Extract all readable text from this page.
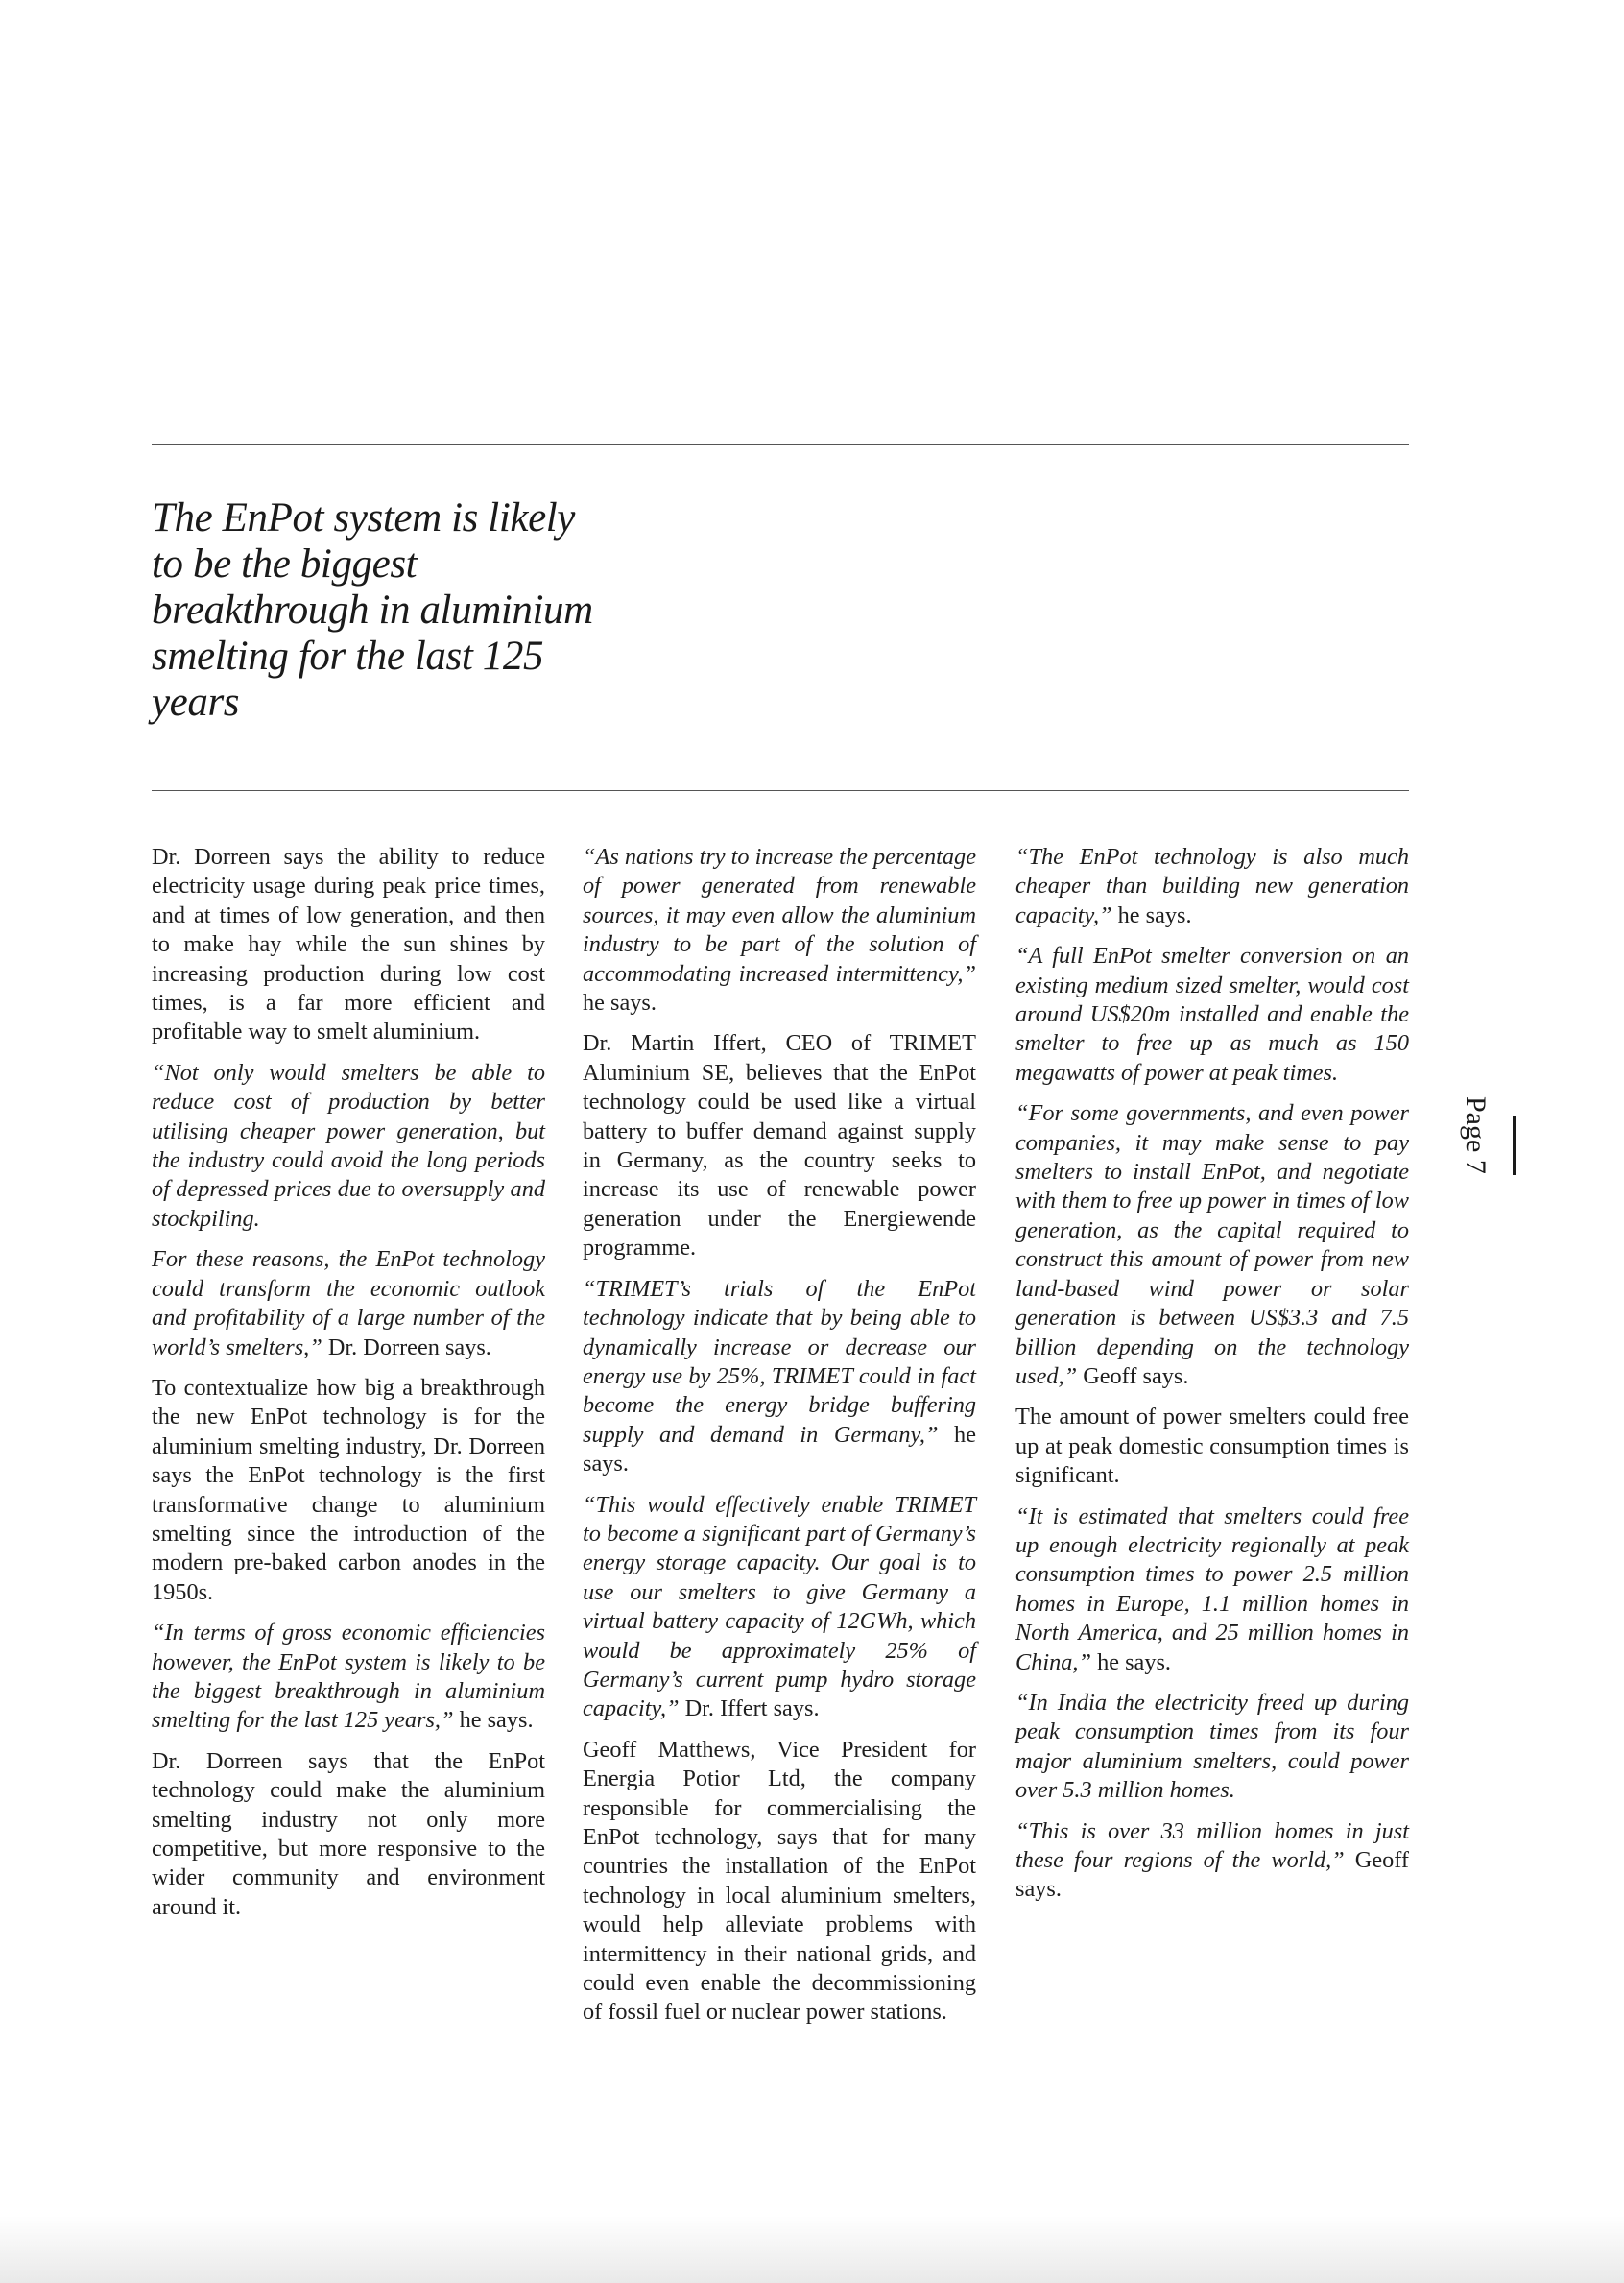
The EnPot system is likely to be the biggest breakthrough in aluminium smelting for the last 125 years

Dr. Dorreen says the ability to reduce electricity usage during peak price times, and at times of low generation, and then to make hay while the sun shines by increasing production during low cost times, is a far more efficient and profitable way to smelt aluminium.

“Not only would smelters be able to reduce cost of production by better utilising cheaper power generation, but the industry could avoid the long periods of depressed prices due to oversupply and stockpiling.

For these reasons, the EnPot technology could transform the economic outlook and profitability of a large number of the world’s smelters,” Dr. Dorreen says.

To contextualize how big a breakthrough the new EnPot technology is for the aluminium smelting industry, Dr. Dorreen says the EnPot technology is the first transformative change to aluminium smelting since the introduction of the modern pre-baked carbon anodes in the 1950s.

“In terms of gross economic efficiencies however, the EnPot system is likely to be the biggest breakthrough in aluminium smelting for the last 125 years,” he says.

Dr. Dorreen says that the EnPot technology could make the aluminium smelting industry not only more competitive, but more responsive to the wider community and environment around it.

“As nations try to increase the percentage of power generated from renewable sources, it may even allow the aluminium industry to be part of the solution of accommodating increased intermittency,” he says.

Dr. Martin Iffert, CEO of TRIMET Aluminium SE, believes that the EnPot technology could be used like a virtual battery to buffer demand against supply in Germany, as the country seeks to increase its use of renewable power generation under the Energiewende programme.

“TRIMET’s trials of the EnPot technology indicate that by being able to dynamically increase or decrease our energy use by 25%, TRIMET could in fact become the energy bridge buffering supply and demand in Germany,” he says.

“This would effectively enable TRIMET to become a significant part of Germany’s energy storage capacity. Our goal is to use our smelters to give Germany a virtual battery capacity of 12GWh, which would be approximately 25% of Germany’s current pump hydro storage capacity,” Dr. Iffert says.

Geoff Matthews, Vice President for Energia Potior Ltd, the company responsible for commercialising the EnPot technology, says that for many countries the installation of the EnPot technology in local aluminium smelters, would help alleviate problems with intermittency in their national grids, and could even enable the decommissioning of fossil fuel or nuclear power stations.

“The EnPot technology is also much cheaper than building new generation capacity,” he says.

“A full EnPot smelter conversion on an existing medium sized smelter, would cost around US$20m installed and enable the smelter to free up as much as 150 megawatts of power at peak times.

“For some governments, and even power companies, it may make sense to pay smelters to install EnPot, and negotiate with them to free up power in times of low generation, as the capital required to construct this amount of power from new land-based wind power or solar generation is between US$3.3 and 7.5 billion depending on the technology used,” Geoff says.

The amount of power smelters could free up at peak domestic consumption times is significant.

“It is estimated that smelters could free up enough electricity regionally at peak consumption times to power 2.5 million homes in Europe, 1.1 million homes in North America, and 25 million homes in China,” he says.

“In India the electricity freed up during peak consumption times from its four major aluminium smelters, could power over 5.3 million homes.

“This is over 33 million homes in just these four regions of the world,” Geoff says.

Page 7
